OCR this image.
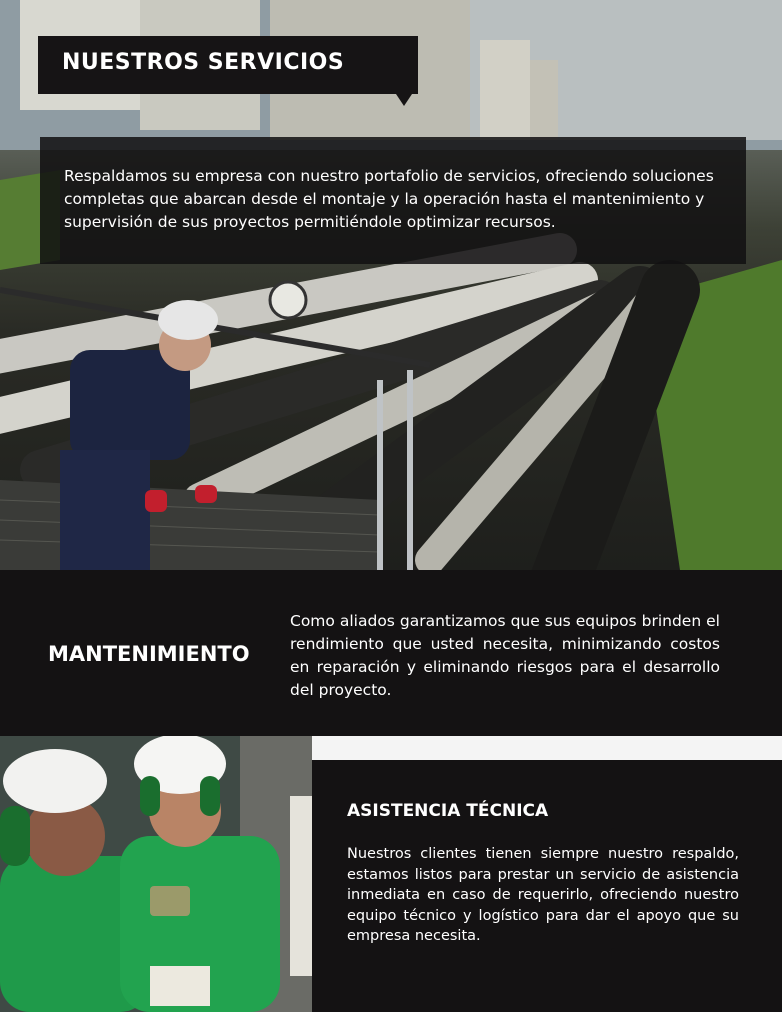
NUESTROS SERVICIOS

Respaldamos su empresa con nuestro portafolio de servicios, ofreciendo soluciones completas que abarcan desde el montaje y la operación hasta el mantenimiento y supervisión de sus proyectos permitiéndole optimizar recursos.

MANTENIMIENTO

Como aliados garantizamos que sus equipos brinden el rendimiento que usted necesita, minimizando costos en reparación y eliminando riesgos para el desarrollo del proyecto.

ASISTENCIA TÉCNICA

Nuestros clientes tienen siempre nuestro respaldo, estamos listos para prestar un servicio de asistencia inmediata en caso de requerirlo, ofreciendo nuestro equipo técnico y logístico para dar el apoyo que su empresa necesita.
